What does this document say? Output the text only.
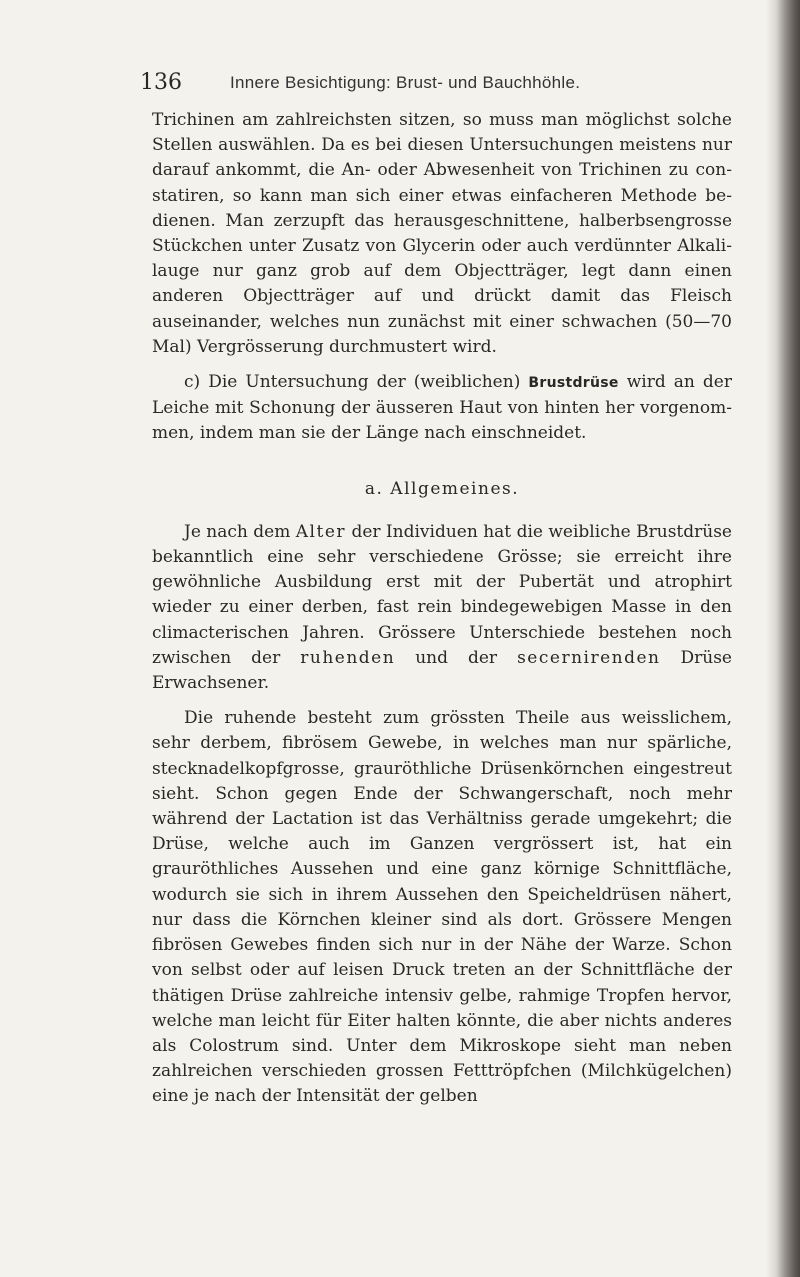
136	Innere Besichtigung: Brust- und Bauchhöhle.

Trichinen am zahlreichsten sitzen, so muss man möglichst solche Stellen auswählen. Da es bei diesen Untersuchungen meistens nur darauf ankommt, die An- oder Abwesenheit von Trichinen zu constatiren, so kann man sich einer etwas einfacheren Methode bedienen. Man zerzupft das herausgeschnittene, halberbsengrosse Stückchen unter Zusatz von Glycerin oder auch verdünnter Alkalilauge nur ganz grob auf dem Objectträger, legt dann einen anderen Objectträger auf und drückt damit das Fleisch auseinander, welches nun zunächst mit einer schwachen (50—70 Mal) Vergrösserung durchmustert wird.

c) Die Untersuchung der (weiblichen) Brustdrüse wird an der Leiche mit Schonung der äusseren Haut von hinten her vorgenommen, indem man sie der Länge nach einschneidet.

a. Allgemeines.

Je nach dem Alter der Individuen hat die weibliche Brustdrüse bekanntlich eine sehr verschiedene Grösse; sie erreicht ihre gewöhnliche Ausbildung erst mit der Pubertät und atrophirt wieder zu einer derben, fast rein bindegewebigen Masse in den climacterischen Jahren. Grössere Unterschiede bestehen noch zwischen der ruhenden und der secernirenden Drüse Erwachsener.

Die ruhende besteht zum grössten Theile aus weisslichem, sehr derbem, fibrösem Gewebe, in welches man nur spärliche, stecknadelkopfgrosse, grauröthliche Drüsenkörnchen eingestreut sieht. Schon gegen Ende der Schwangerschaft, noch mehr während der Lactation ist das Verhältniss gerade umgekehrt; die Drüse, welche auch im Ganzen vergrössert ist, hat ein grauröthliches Aussehen und eine ganz körnige Schnittfläche, wodurch sie sich in ihrem Aussehen den Speicheldrüsen nähert, nur dass die Körnchen kleiner sind als dort. Grössere Mengen fibrösen Gewebes finden sich nur in der Nähe der Warze. Schon von selbst oder auf leisen Druck treten an der Schnittfläche der thätigen Drüse zahlreiche intensiv gelbe, rahmige Tropfen hervor, welche man leicht für Eiter halten könnte, die aber nichts anderes als Colostrum sind. Unter dem Mikroskope sieht man neben zahlreichen verschieden grossen Fetttröpfchen (Milchkügelchen) eine je nach der Intensität der gelben
